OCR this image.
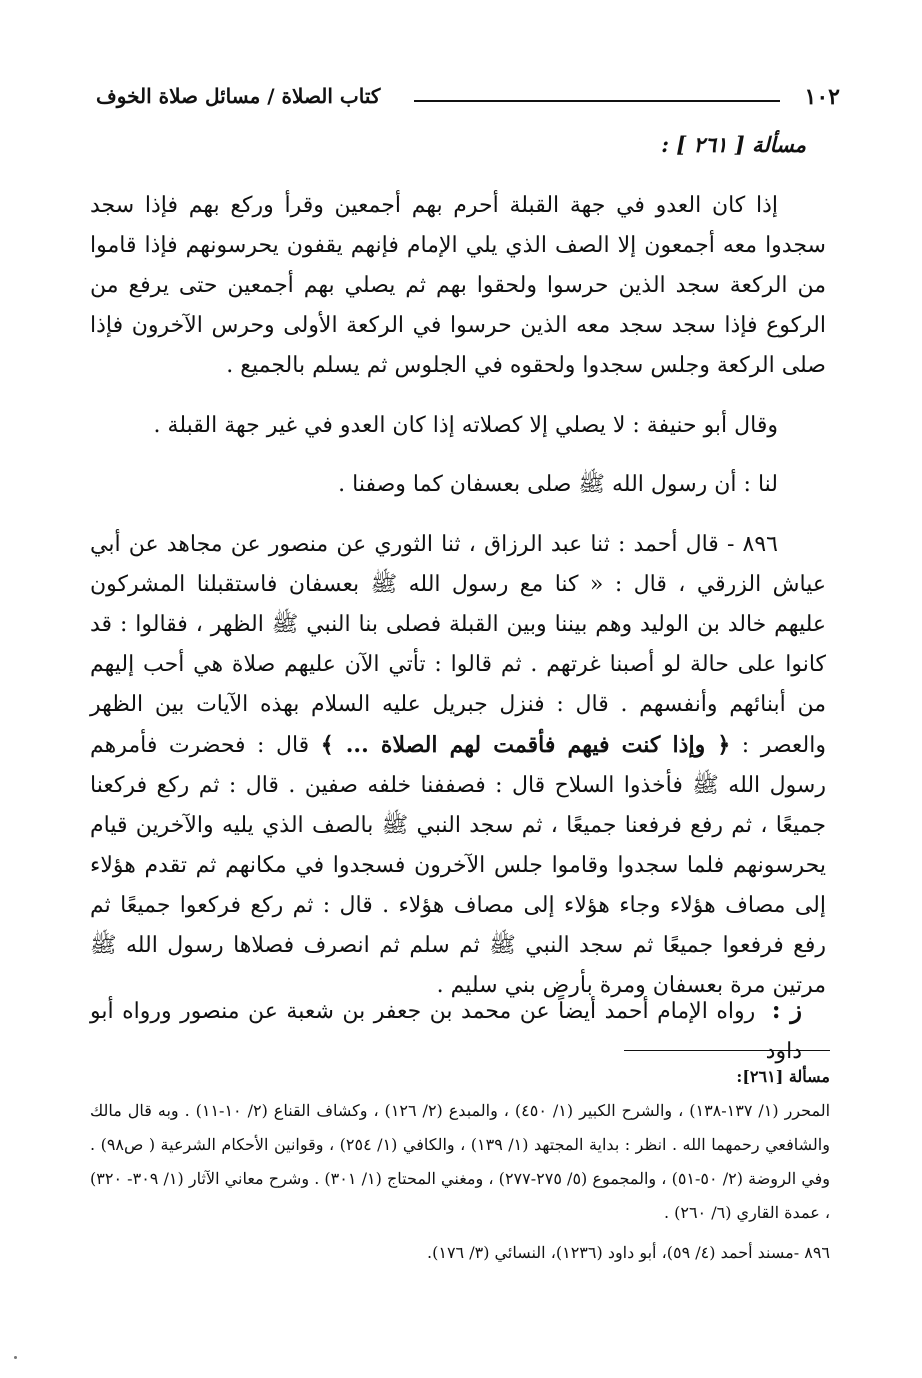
١٠٢
كتاب الصلاة / مسائل صلاة الخوف
مسألة [ ٢٦١ ] :

إذا كان العدو في جهة القبلة أحرم بهم أجمعين وقرأ وركع بهم فإذا سجد سجدوا معه أجمعون إلا الصف الذي يلي الإمام فإنهم يقفون يحرسونهم فإذا قاموا من الركعة سجد الذين حرسوا ولحقوا بهم ثم يصلي بهم أجمعين حتى يرفع من الركوع فإذا سجد سجد معه الذين حرسوا في الركعة الأولى وحرس الآخرون فإذا صلى الركعة وجلس سجدوا ولحقوه في الجلوس ثم يسلم بالجميع .

وقال أبو حنيفة : لا يصلي إلا كصلاته إذا كان العدو في غير جهة القبلة .

لنا : أن رسول الله ﷺ صلى بعسفان كما وصفنا .

٨٩٦ - قال أحمد : ثنا عبد الرزاق ، ثنا الثوري عن منصور عن مجاهد عن أبي عياش الزرقي ، قال : « كنا مع رسول الله ﷺ بعسفان فاستقبلنا المشركون عليهم خالد بن الوليد وهم بيننا وبين القبلة فصلى بنا النبي ﷺ الظهر ، فقالوا : قد كانوا على حالة لو أصبنا غرتهم . ثم قالوا : تأتي الآن عليهم صلاة هي أحب إليهم من أبنائهم وأنفسهم . قال : فنزل جبريل عليه السلام بهذه الآيات بين الظهر والعصر : ﴿ وإذا كنت فيهم فأقمت لهم الصلاة ... ﴾ قال : فحضرت فأمرهم رسول الله ﷺ فأخذوا السلاح قال : فصففنا خلفه صفين . قال : ثم ركع فركعنا جميعًا ، ثم رفع فرفعنا جميعًا ، ثم سجد النبي ﷺ بالصف الذي يليه والآخرين قيام يحرسونهم فلما سجدوا وقاموا جلس الآخرون فسجدوا في مكانهم ثم تقدم هؤلاء إلى مصاف هؤلاء وجاء هؤلاء إلى مصاف هؤلاء . قال : ثم ركع فركعوا جميعًا ثم رفع فرفعوا جميعًا ثم سجد النبي ﷺ ثم سلم ثم انصرف فصلاها رسول الله ﷺ مرتين مرة بعسفان ومرة بأرض بني سليم .

ز : رواه الإمام أحمد أيضاً عن محمد بن جعفر بن شعبة عن منصور ورواه أبو داود

مسألة [٢٦١]:

المحرر (١/ ١٣٧-١٣٨) ، والشرح الكبير (١/ ٤٥٠) ، والمبدع (٢/ ١٢٦) ، وكشاف القناع (٢/ ١٠-١١) . وبه قال مالك والشافعي رحمهما الله . انظر : بداية المجتهد (١/ ١٣٩) ، والكافي (١/ ٢٥٤) ، وقوانين الأحكام الشرعية ( ص٩٨) . وفي الروضة (٢/ ٥٠-٥١) ، والمجموع (٥/ ٢٧٥-٢٧٧) ، ومغني المحتاج (١/ ٣٠١) . وشرح معاني الآثار (١/ ٣٠٩- ٣٢٠) ، عمدة القاري (٦/ ٢٦٠) .

٨٩٦ -مسند أحمد (٤/ ٥٩)، أبو داود (١٢٣٦)، النسائي (٣/ ١٧٦).
